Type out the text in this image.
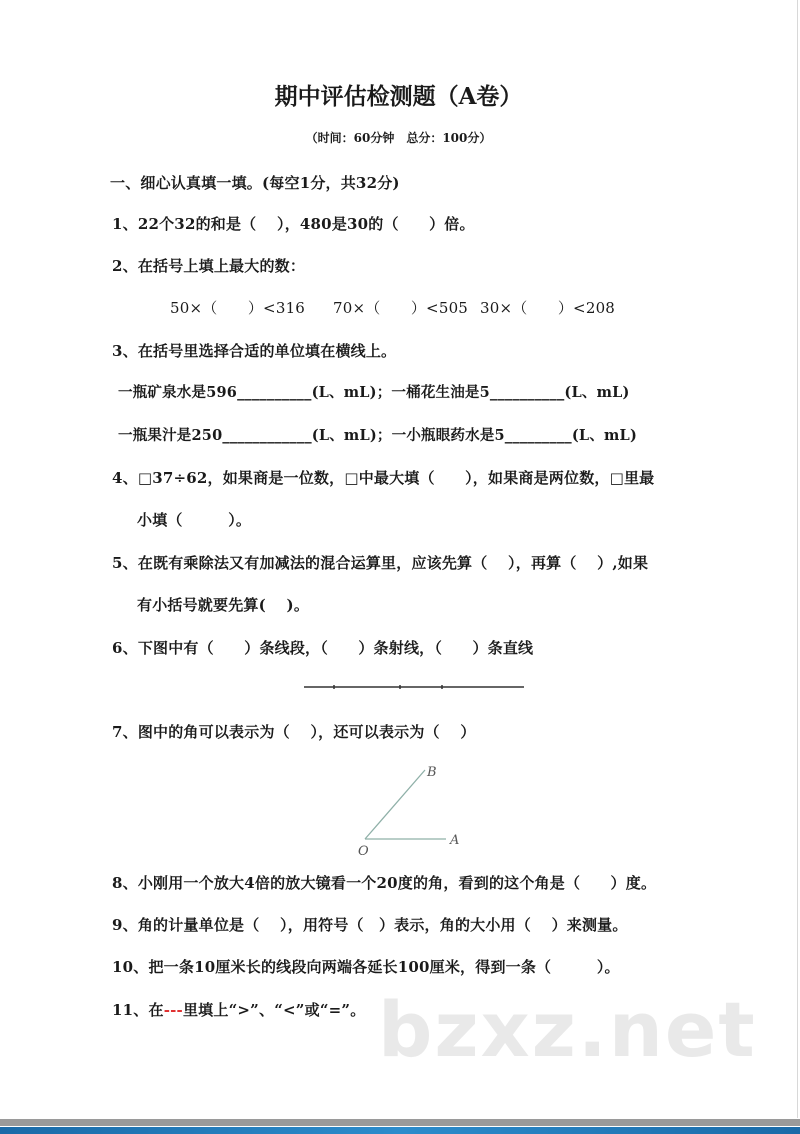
期中评估检测题（A卷）
（时间：60分钟　总分：100分）
一、细心认真填一填。(每空1分，共32分)
1、22个32的和是（　 ），480是30的（　　）倍。
2、在括号上填上最大的数：
50×（　　）<316 70×（　　）<505 30×（　　）<208
3、在括号里选择合适的单位填在横线上。
一瓶矿泉水是596__________(L、mL)；一桶花生油是5__________(L、mL)
一瓶果汁是250____________(L、mL)；一小瓶眼药水是5_________(L、mL)
4、□37÷62，如果商是一位数，□中最大填（　　），如果商是两位数，□里最
小填（　　　）。
5、在既有乘除法又有加减法的混合运算里，应该先算（　 ），再算（　 ）,如果
有小括号就要先算(　 )。
6、下图中有（　　）条线段，（　　）条射线，（　　）条直线
7、图中的角可以表示为（　 ），还可以表示为（　 ）
B
A
O
8、小刚用一个放大4倍的放大镜看一个20度的角，看到的这个角是（　　）度。
9、角的计量单位是（　 ），用符号（　）表示，角的大小用（　 ）来测量。
10、把一条10厘米长的线段向两端各延长100厘米，得到一条（　　　）。
bzxz.net
11、在---里填上“>”、“<”或“=”。
